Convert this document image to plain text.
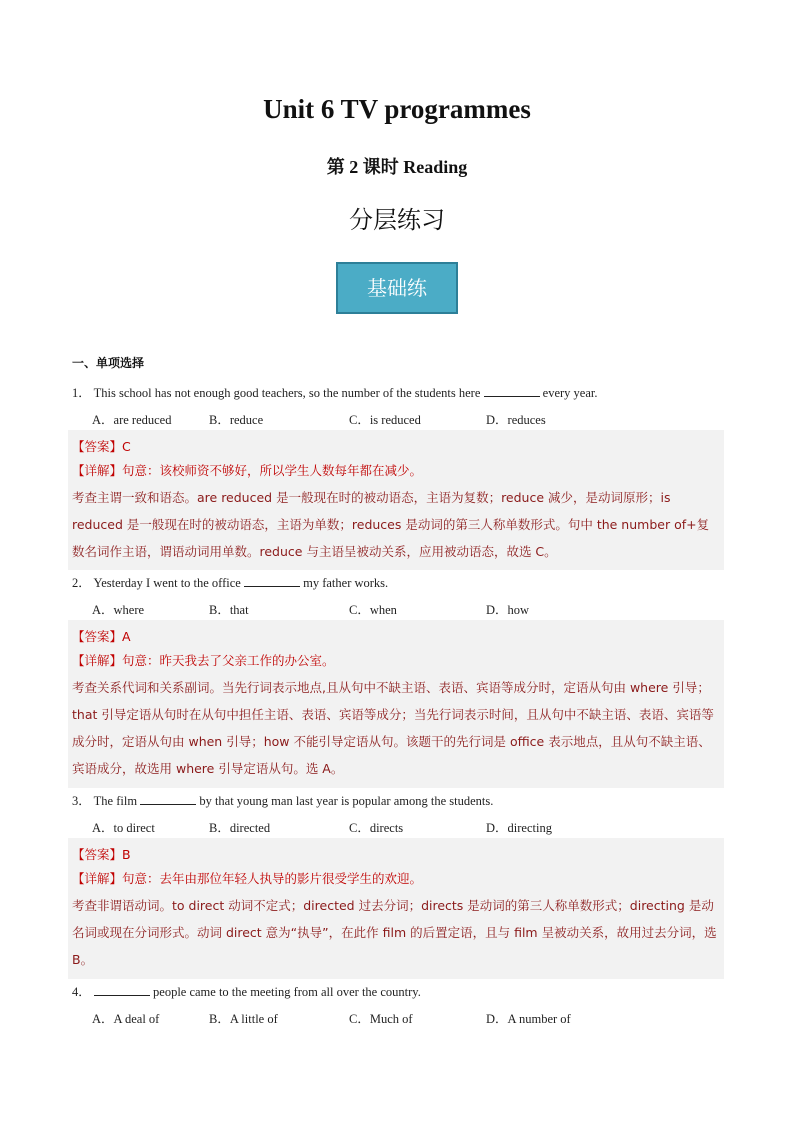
Unit 6 TV programmes
第 2 课时 Reading
分层练习
基础练
一、单项选择
1． This school has not enough good teachers, so the number of the students here	every year.
A．are reduced	B．reduce	C．is reduced	D．reduces
【答案】C
【详解】句意：该校师资不够好，所以学生人数每年都在减少。
考查主谓一致和语态。are reduced 是一般现在时的被动语态，主语为复数；reduce 减少，是动词原形；is reduced 是一般现在时的被动语态，主语为单数；reduces 是动词的第三人称单数形式。句中 the number of+复数名词作主语，谓语动词用单数。reduce 与主语呈被动关系，应用被动语态，故选 C。
2． Yesterday I went to the office	my father works.
A．where	B．that	C．when	D．how
【答案】A
【详解】句意：昨天我去了父亲工作的办公室。
考查关系代词和关系副词。当先行词表示地点,且从句中不缺主语、表语、宾语等成分时，定语从句由 where 引导；that 引导定语从句时在从句中担任主语、表语、宾语等成分；当先行词表示时间，且从句中不缺主语、表语、宾语等成分时，定语从句由 when 引导；how 不能引导定语从句。该题干的先行词是 office 表示地点，且从句不缺主语、宾语成分，故选用 where 引导定语从句。选 A。
3． The film	by that young man last year is popular among the students.
A．to direct	B．directed	C．directs	D．directing
【答案】B
【详解】句意：去年由那位年轻人执导的影片很受学生的欢迎。
考查非谓语动词。to direct 动词不定式；directed 过去分词；directs 是动词的第三人称单数形式；directing 是动名词或现在分词形式。动词 direct 意为“执导”，在此作 film 的后置定语，且与 film 呈被动关系，故用过去分词，选 B。
4．	people came to the meeting from all over the country.
A．A deal of	B．A little of	C．Much of	D．A number of
